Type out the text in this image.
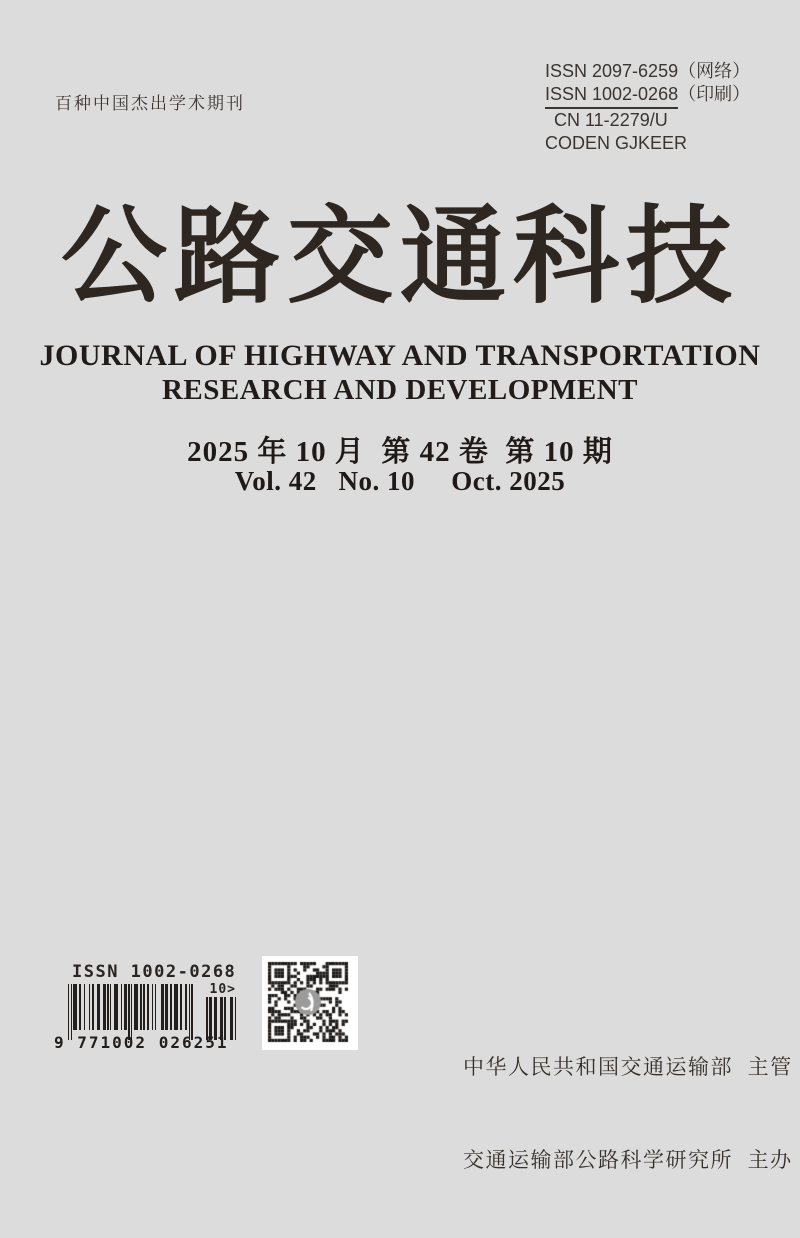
百种中国杰出学术期刊
ISSN 2097-6259（网络）
ISSN 1002-0268（印刷）
CN 11-2279/U
CODEN GJKEER
公路交通科技
JOURNAL OF HIGHWAY AND TRANSPORTATION
RESEARCH AND DEVELOPMENT
2025 年 10 月  第 42 卷  第 10 期
Vol. 42   No. 10     Oct. 2025
ISSN 1002-0268
10>
9 771002 026251

中华人民共和国交通运输部  主管

交通运输部公路科学研究所  主办
